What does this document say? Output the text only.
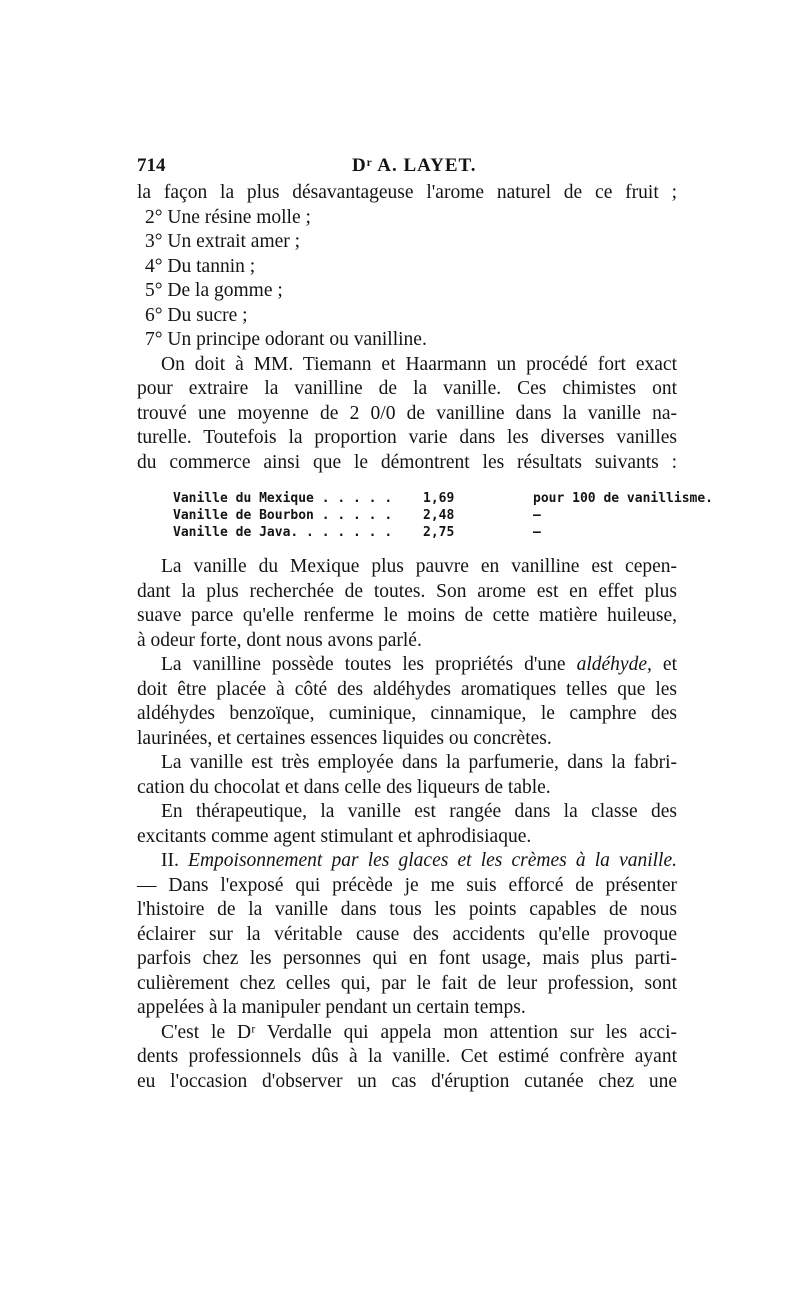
714	Dʳ A. LAYET.
la façon la plus désavantageuse l'arome naturel de ce fruit ;
2° Une résine molle ;
3° Un extrait amer ;
4° Du tannin ;
5° De la gomme ;
6° Du sucre ;
7° Un principe odorant ou vanilline.
On doit à MM. Tiemann et Haarmann un procédé fort exact
pour extraire la vanilline de la vanille. Ces chimistes ont
trouvé une moyenne de 2 0/0 de vanilline dans la vanille na-
turelle. Toutefois la proportion varie dans les diverses vanilles
du commerce ainsi que le démontrent les résultats suivants :
Vanille du Mexique . . . . . 1,69	pour 100 de vanillisme.
Vanille de Bourbon . . . . . 2,48	—
Vanille de Java. . . . . . . 2,75	—
La vanille du Mexique plus pauvre en vanilline est cepen-
dant la plus recherchée de toutes. Son arome est en effet plus
suave parce qu'elle renferme le moins de cette matière huileuse,
à odeur forte, dont nous avons parlé.
La vanilline possède toutes les propriétés d'une aldéhyde, et
doit être placée à côté des aldéhydes aromatiques telles que les
aldéhydes benzoïque, cuminique, cinnamique, le camphre des
laurinées, et certaines essences liquides ou concrètes.
La vanille est très employée dans la parfumerie, dans la fabri-
cation du chocolat et dans celle des liqueurs de table.
En thérapeutique, la vanille est rangée dans la classe des
excitants comme agent stimulant et aphrodisiaque.
II. Empoisonnement par les glaces et les crèmes à la vanille.
— Dans l'exposé qui précède je me suis efforcé de présenter
l'histoire de la vanille dans tous les points capables de nous
éclairer sur la véritable cause des accidents qu'elle provoque
parfois chez les personnes qui en font usage, mais plus parti-
culièrement chez celles qui, par le fait de leur profession, sont
appelées à la manipuler pendant un certain temps.
C'est le Dʳ Verdalle qui appela mon attention sur les acci-
dents professionnels dûs à la vanille. Cet estimé confrère ayant
eu l'occasion d'observer un cas d'éruption cutanée chez une
